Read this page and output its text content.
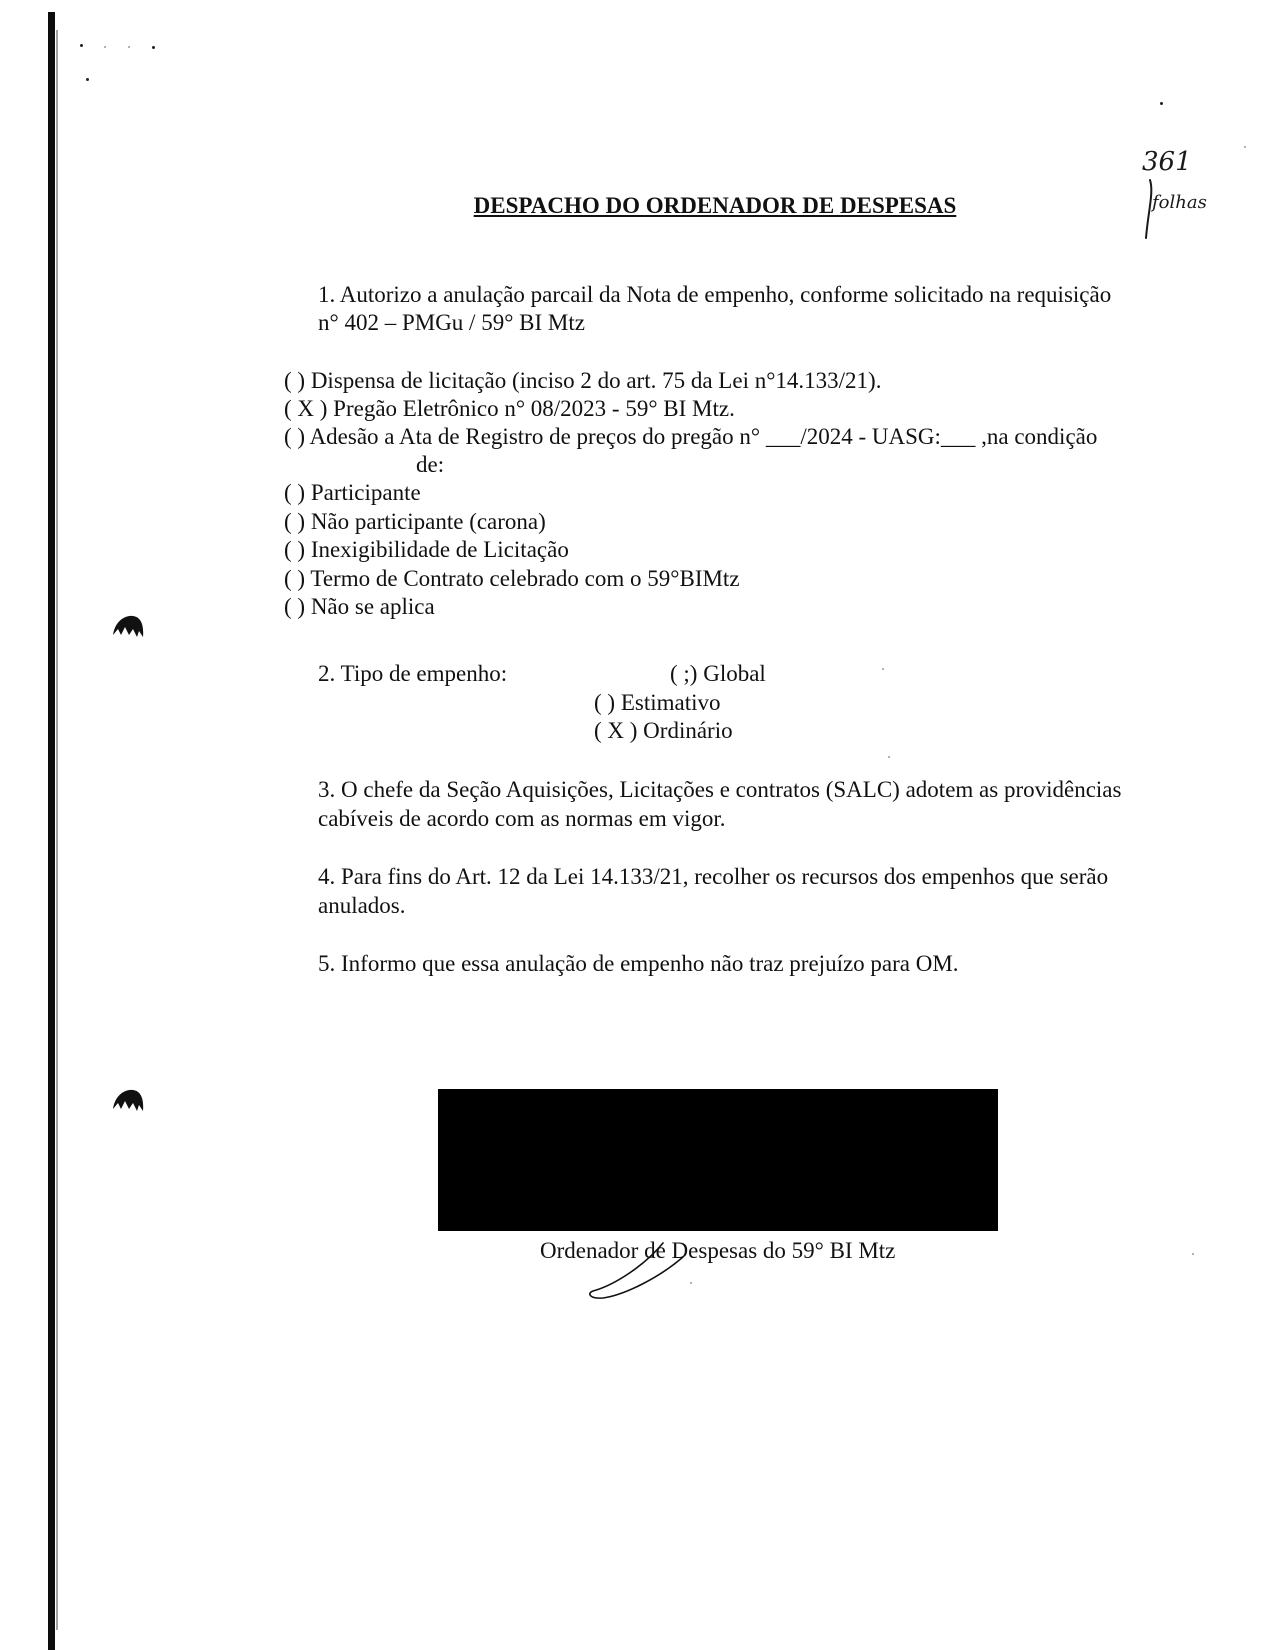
361
folhas
DESPACHO DO ORDENADOR DE DESPESAS
1. Autorizo a anulação parcail da Nota de empenho, conforme solicitado na requisição
n° 402 – PMGu / 59° BI Mtz
( ) Dispensa de licitação (inciso 2 do art. 75 da Lei n°14.133/21).
( X ) Pregão Eletrônico n° 08/2023 - 59° BI Mtz.
( ) Adesão a Ata de Registro de preços do pregão n° ___/2024 - UASG:___ ,na condição
de:
( ) Participante
( ) Não participante (carona)
( ) Inexigibilidade de Licitação
( ) Termo de Contrato celebrado com o 59°BIMtz
( ) Não se aplica
2. Tipo de empenho:	( ;) Global
( ) Estimativo
( X ) Ordinário
3. O chefe da Seção Aquisições, Licitações e contratos (SALC) adotem as providências
cabíveis de acordo com as normas em vigor.
4. Para fins do Art. 12 da Lei 14.133/21, recolher os recursos dos empenhos que serão
anulados.
5. Informo que essa anulação de empenho não traz prejuízo para OM.
Ordenador de Despesas do 59° BI Mtz
